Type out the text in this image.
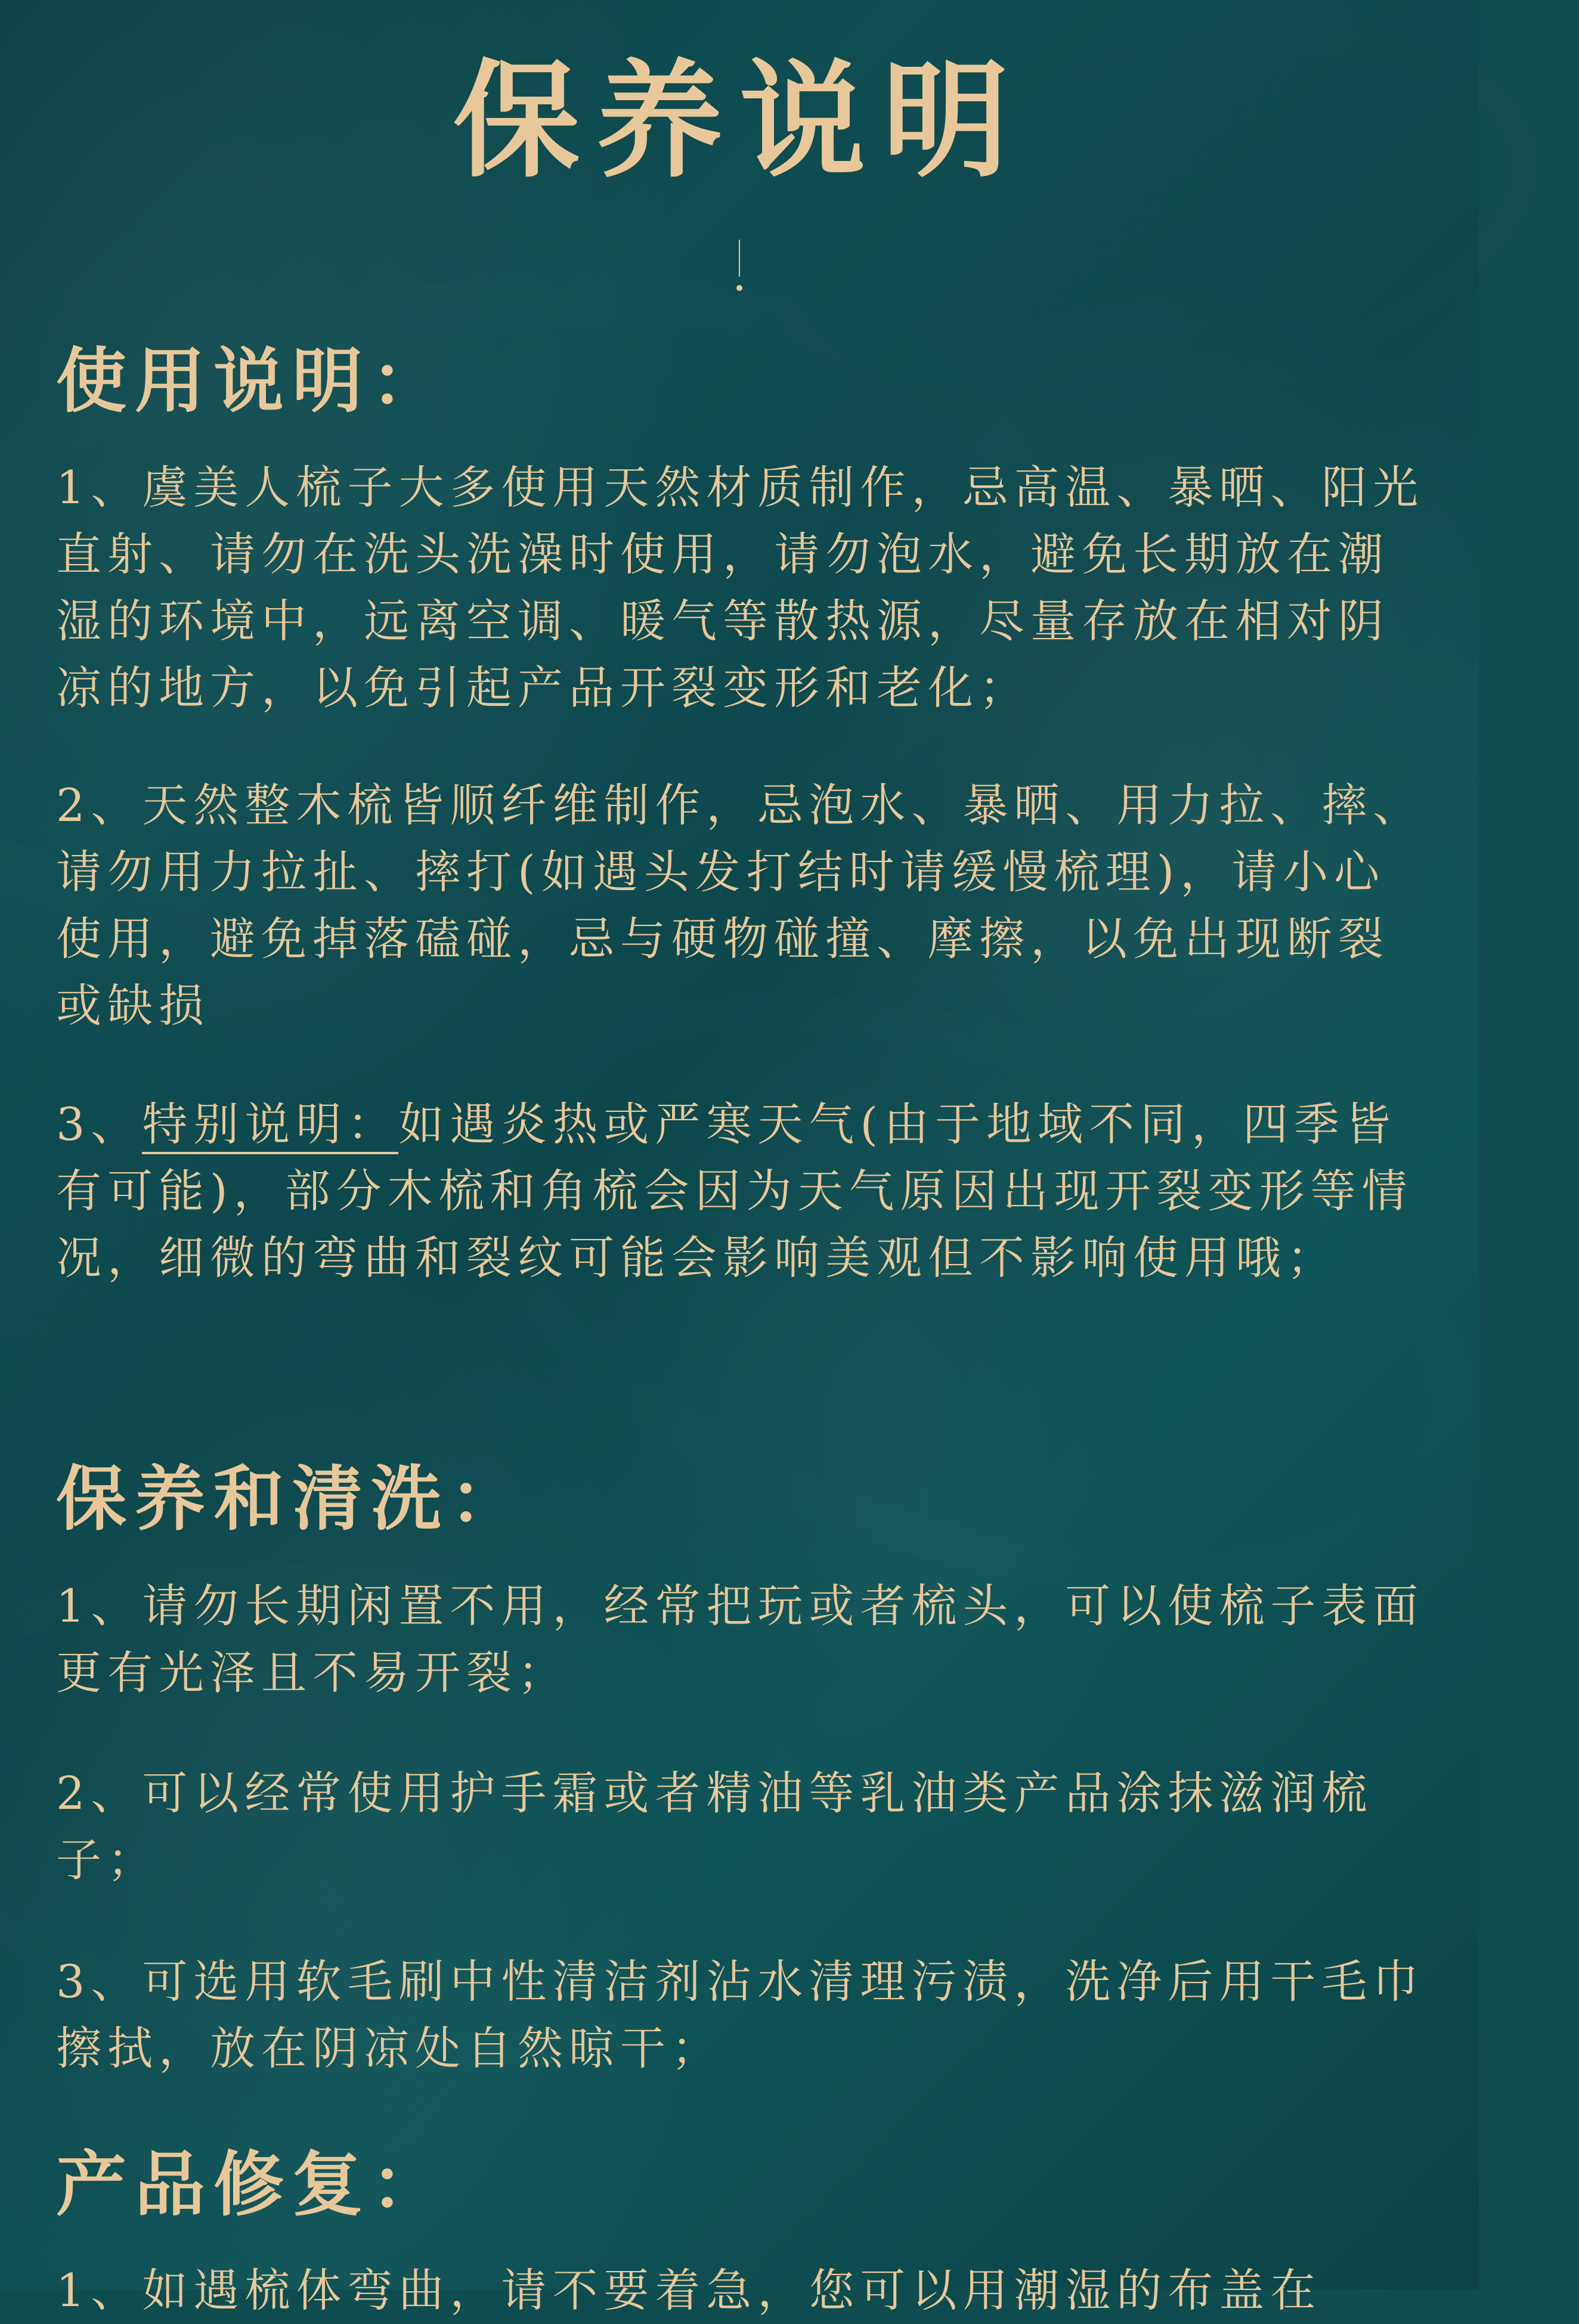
保养说明
使用说明：
1、虞美人梳子大多使用天然材质制作，忌高温、暴晒、阳光直射、请勿在洗头洗澡时使用，请勿泡水，避免长期放在潮湿的环境中，远离空调、暖气等散热源，尽量存放在相对阴凉的地方，以免引起产品开裂变形和老化；
2、天然整木梳皆顺纤维制作，忌泡水、暴晒、用力拉、摔、请勿用力拉扯、摔打(如遇头发打结时请缓慢梳理)，请小心使用，避免掉落磕碰，忌与硬物碰撞、摩擦，以免出现断裂或缺损
3、特别说明：如遇炎热或严寒天气(由于地域不同，四季皆有可能)，部分木梳和角梳会因为天气原因出现开裂变形等情况，细微的弯曲和裂纹可能会影响美观但不影响使用哦；
保养和清洗：
1、请勿长期闲置不用，经常把玩或者梳头，可以使梳子表面更有光泽且不易开裂；
2、可以经常使用护手霜或者精油等乳油类产品涂抹滋润梳子；
3、可选用软毛刷中性清洁剂沾水清理污渍，洗净后用干毛巾擦拭，放在阴凉处自然晾干；
产品修复：
1、如遇梳体弯曲，请不要着急，您可以用潮湿的布盖在
